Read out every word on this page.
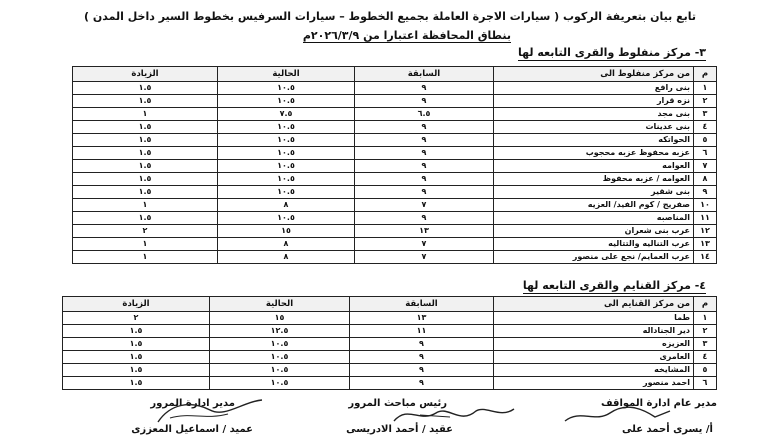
تابع بيان بتعريفة الركوب ( سيارات الاجرة العاملة بجميع الخطوط – سيارات السرفيس بخطوط السير داخل المدن )
بنطاق المحافظة اعتبارا من ٢٠٢٦/٣/٩م
٣- مركز منفلوط والقرى التابعه لها
م	من مركز منفلوط الى	السابقة	الحالية	الزيادة
١	بنى رافع	٩	١٠.٥	١.٥
٢	نزه قرار	٩	١٠.٥	١.٥
٣	بنى مجد	٦.٥	٧.٥	١
٤	بنى عدينات	٩	١٠.٥	١.٥
٥	الحواتكه	٩	١٠.٥	١.٥
٦	عزبه محفوظ عزبه محجوب	٩	١٠.٥	١.٥
٧	العوامه	٩	١٠.٥	١.٥
٨	العوامه / عزبه محفوظ	٩	١٠.٥	١.٥
٩	بنى شقير	٩	١٠.٥	١.٥
١٠	صفريج / كوم الفيد/ العزيه	٧	٨	١
١١	المناصبه	٩	١٠.٥	١.٥
١٢	عرب بنى شعران	١٣	١٥	٢
١٣	عرب التناليه والتتاليه	٧	٨	١
١٤	عرب العمايم/ نجع على منصور	٧	٨	١
٤- مركز القنايم والقرى التابعه لها
م	من مركز القنايم الى	السابقة	الحالية	الزيادة
١	طما	١٣	١٥	٢
٢	دير الجناداله	١١	١٢.٥	١.٥
٣	العزيزه	٩	١٠.٥	١.٥
٤	العامرى	٩	١٠.٥	١.٥
٥	المشايخه	٩	١٠.٥	١.٥
٦	احمد منصور	٩	١٠.٥	١.٥
مدير عام ادارة المواقف
أ/ يسرى أحمد على
رئيس مباحث المرور
عقيد / أحمد الادريسى
مدير ادارة المرور
عميد / اسماعيل المعززى
